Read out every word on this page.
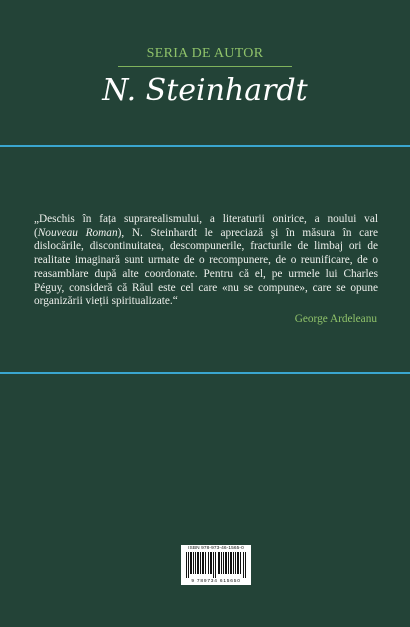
SERIA DE AUTOR
N. Steinhardt
„Deschis în fața suprarealismului, a literaturii onirice, a noului val (Nouveau Roman), N. Steinhardt le apreciază şi în măsura în care dislocările, discontinuitatea, descompunerile, fracturile de limbaj ori de realitate imaginară sunt urmate de o recompunere, de o reunificare, de o reasamblare după alte coordonate. Pentru că el, pe urmele lui Charles Péguy, consideră că Răul este cel care «nu se compune», care se opune organizării vieții spiritualizate.“
George Ardeleanu
ISBN 978-973-46-1565-0
9 789734 615650
